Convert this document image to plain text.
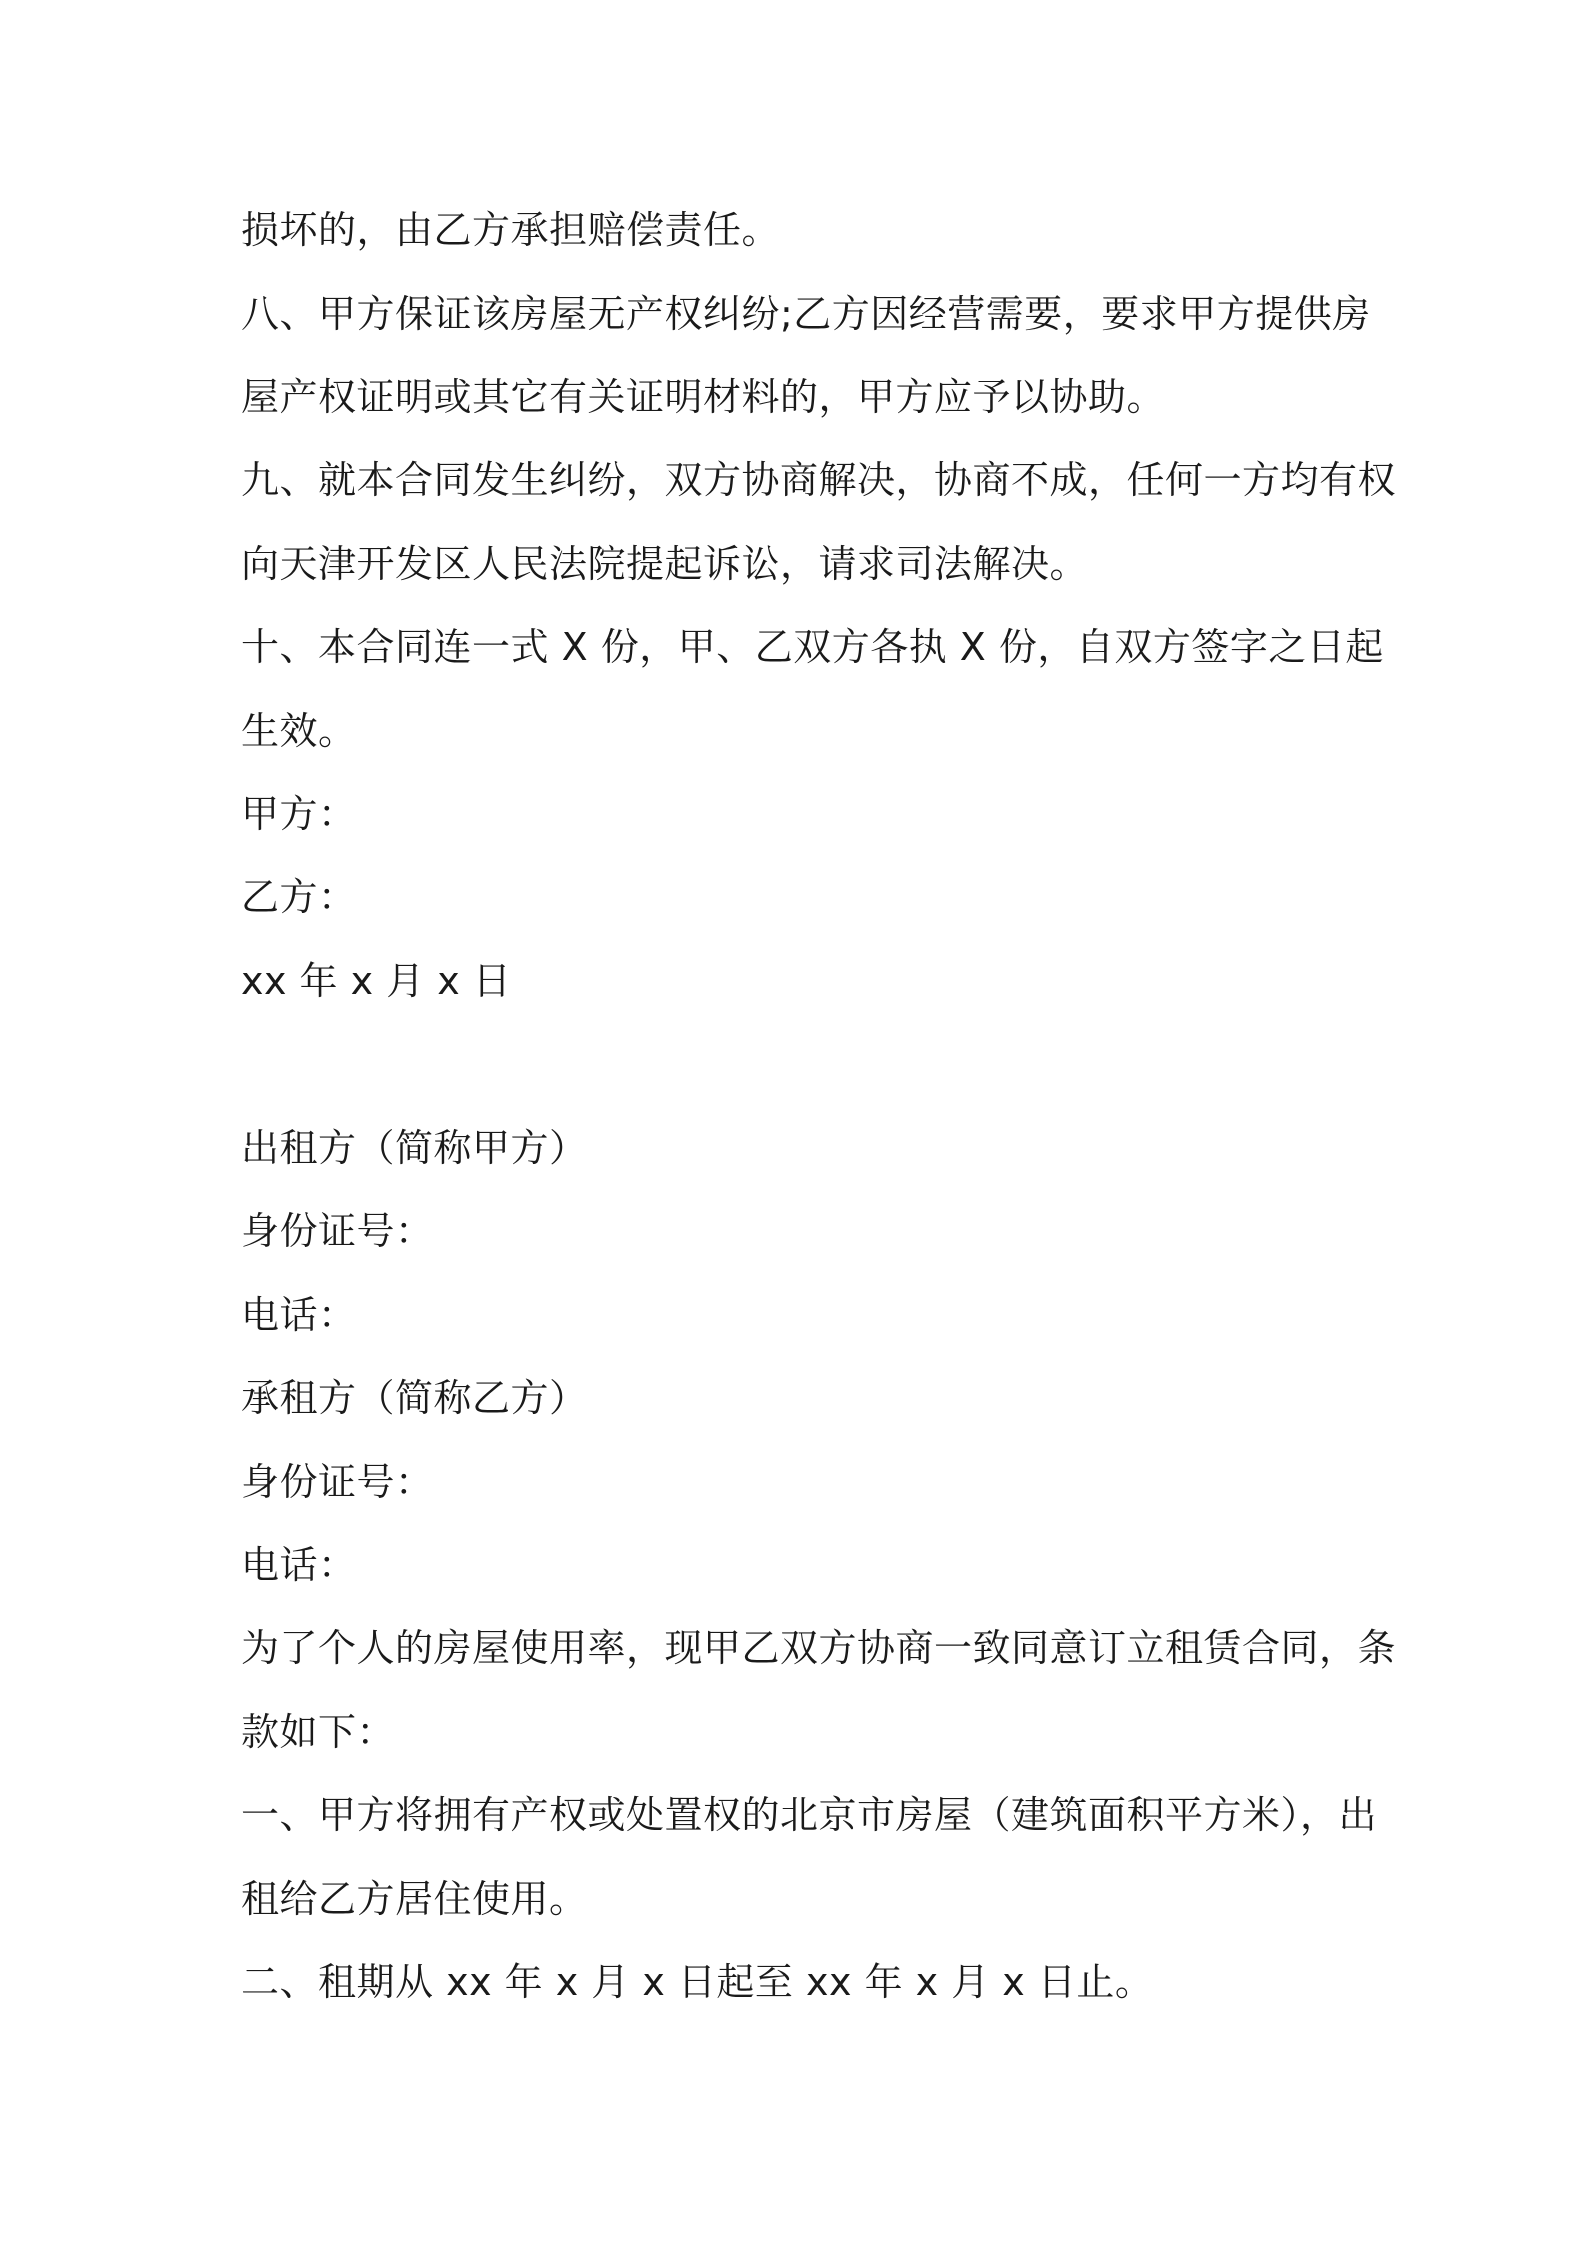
损坏的，由乙方承担赔偿责任。
八、甲方保证该房屋无产权纠纷;乙方因经营需要，要求甲方提供房
屋产权证明或其它有关证明材料的，甲方应予以协助。
九、就本合同发生纠纷，双方协商解决，协商不成，任何一方均有权
向天津开发区人民法院提起诉讼，请求司法解决。
十、本合同连一式 X 份，甲、乙双方各执 X 份，自双方签字之日起
生效。
甲方：
乙方：
xx 年 x 月 x 日
出租方（简称甲方）
身份证号：
电话：
承租方（简称乙方）
身份证号：
电话：
为了个人的房屋使用率，现甲乙双方协商一致同意订立租赁合同，条
款如下：
一、甲方将拥有产权或处置权的北京市房屋（建筑面积平方米），出
租给乙方居住使用。
二、租期从 xx 年 x 月 x 日起至 xx 年 x 月 x 日止。
